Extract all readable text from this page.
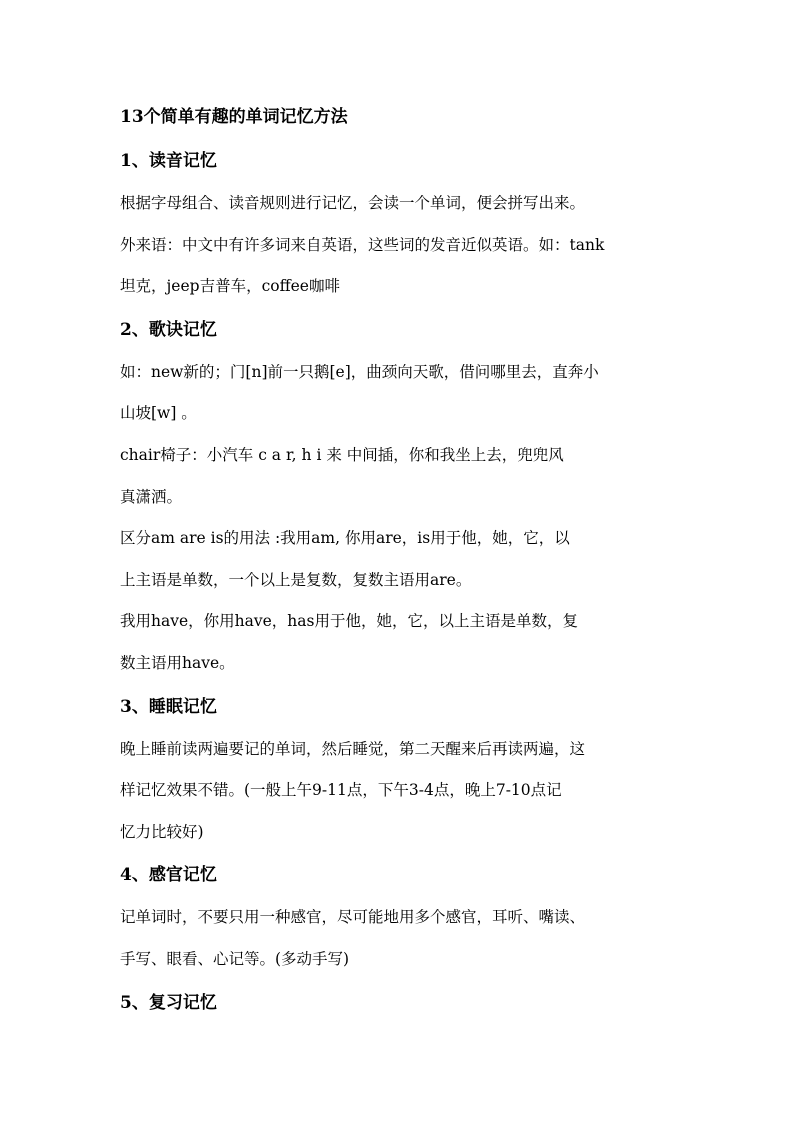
13个简单有趣的单词记忆方法
1、读音记忆
根据字母组合、读音规则进行记忆，会读一个单词，便会拼写出来。
外来语：中文中有许多词来自英语，这些词的发音近似英语。如：tank
坦克，jeep吉普车，coffee咖啡
2、歌诀记忆
如：new新的；门[n]前一只鹅[e]，曲颈向天歌，借问哪里去，直奔小
山坡[w] 。
chair椅子：小汽车 c a r, h i 来 中间插，你和我坐上去，兜兜风
真潇洒。
区分am are is的用法 :我用am, 你用are，is用于他，她，它，以
上主语是单数，一个以上是复数，复数主语用are。
我用have，你用have，has用于他，她，它，以上主语是单数，复
数主语用have。
3、睡眠记忆
晚上睡前读两遍要记的单词，然后睡觉，第二天醒来后再读两遍，这
样记忆效果不错。(一般上午9-11点，下午3-4点，晚上7-10点记
忆力比较好)
4、感官记忆
记单词时，不要只用一种感官，尽可能地用多个感官，耳听、嘴读、
手写、眼看、心记等。(多动手写)
5、复习记忆
